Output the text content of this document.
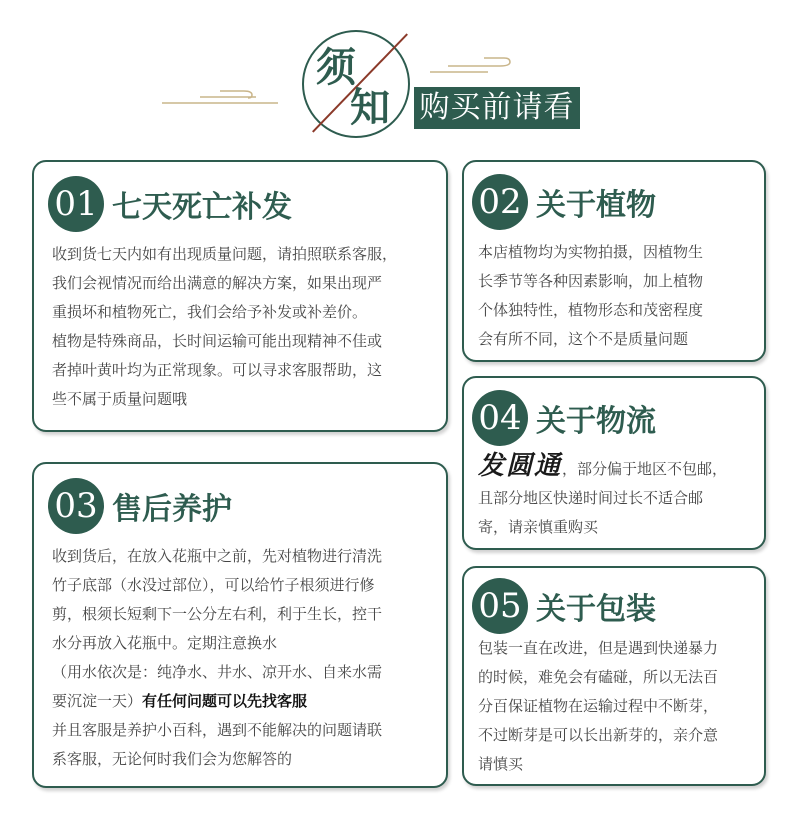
须
知 购买前请看
01 七天死亡补发

收到货七天内如有出现质量问题，请拍照联系客服，

我们会视情况而给出满意的解决方案，如果出现严

重损坏和植物死亡，我们会给予补发或补差价。

植物是特殊商品，长时间运输可能出现精神不佳或

者掉叶黄叶均为正常现象。可以寻求客服帮助，这

些不属于质量问题哦

02 关于植物

本店植物均为实物拍摄，因植物生

长季节等各种因素影响，加上植物

个体独特性，植物形态和茂密程度

会有所不同，这个不是质量问题

04 关于物流

发圆通，部分偏于地区不包邮，

且部分地区快递时间过长不适合邮

寄，请亲慎重购买

03 售后养护

收到货后，在放入花瓶中之前，先对植物进行清洗

竹子底部（水没过部位），可以给竹子根须进行修

剪，根须长短剩下一公分左右利，利于生长，控干

水分再放入花瓶中。定期注意换水

（用水依次是：纯净水、井水、凉开水、自来水需

要沉淀一天）有任何问题可以先找客服

并且客服是养护小百科，遇到不能解决的问题请联

系客服，无论何时我们会为您解答的

05 关于包装

包装一直在改进，但是遇到快递暴力

的时候，难免会有磕碰，所以无法百

分百保证植物在运输过程中不断芽，

不过断芽是可以长出新芽的，亲介意

请慎买
